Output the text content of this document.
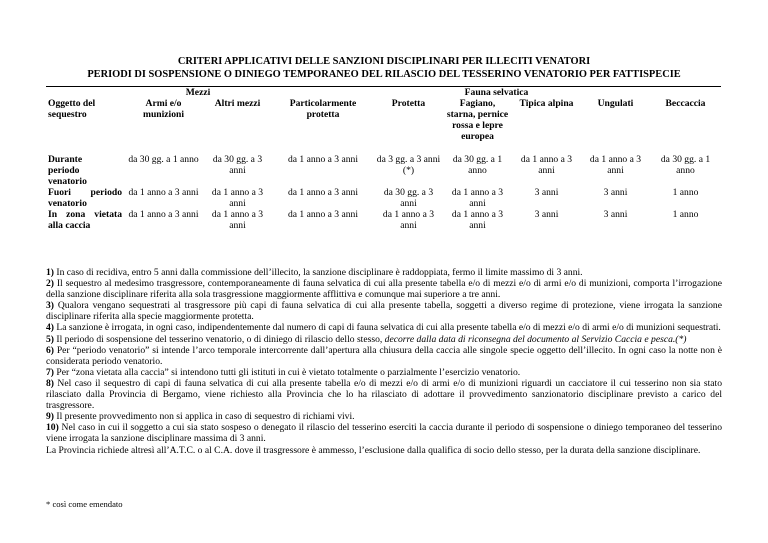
CRITERI APPLICATIVI DELLE SANZIONI DISCIPLINARI PER ILLECITI VENATORI
PERIODI DI SOSPENSIONE O DINIEGO TEMPORANEO DEL RILASCIO DEL TESSERINO VENATORIO PER FATTISPECIE
	Mezzi		Fauna selvatica					
Oggetto del sequestro	Armi e/o munizioni	Altri mezzi	Particolarmente protetta	Protetta	Fagiano, starna, pernice rossa e lepre europea	Tipica alpina	Ungulati	Beccaccia

Durante
periodo
venatorio	da 30 gg. a 1 anno	da 30 gg. a 3 anni	da 1 anno a 3 anni	da 3 gg. a 3 anni (*)	da 30 gg. a 1 anno	da 1 anno a 3 anni	da 1 anno a 3 anni	da 30 gg. a 1 anno

Fuori periodo
venatorio	da 1 anno a 3 anni	da 1 anno a 3 anni	da 1 anno a 3 anni	da 30 gg. a 3 anni	da 1 anno a 3 anni	3 anni	3 anni	1 anno

In zona vietata
alla caccia	da 1 anno a 3 anni	da 1 anno a 3 anni	da 1 anno a 3 anni	da 1 anno a 3 anni	da 1 anno a 3 anni	3 anni	3 anni	1 anno

1) In caso di recidiva, entro 5 anni dalla commissione dell’illecito, la sanzione disciplinare è raddoppiata, fermo il limite massimo di 3 anni.

2) Il sequestro al medesimo trasgressore, contemporaneamente di fauna selvatica di cui alla presente tabella e/o di mezzi e/o di armi e/o di munizioni, comporta l’irrogazione della sanzione disciplinare riferita alla sola trasgressione maggiormente afflittiva e comunque mai superiore a tre anni.

3) Qualora vengano sequestrati al trasgressore più capi di fauna selvatica di cui alla presente tabella, soggetti a diverso regime di protezione, viene irrogata la sanzione disciplinare riferita alla specie maggiormente protetta.

4) La sanzione è irrogata, in ogni caso, indipendentemente dal numero di capi di fauna selvatica di cui alla presente tabella e/o di mezzi e/o di armi e/o di munizioni sequestrati.

5) Il periodo di sospensione del tesserino venatorio, o di diniego di rilascio dello stesso, decorre dalla data di riconsegna del documento al Servizio Caccia e pesca.(*)

6) Per “periodo venatorio” si intende l’arco temporale intercorrente dall’apertura alla chiusura della caccia alle singole specie oggetto dell’illecito. In ogni caso la notte non è considerata periodo venatorio.

7) Per “zona vietata alla caccia” si intendono tutti gli istituti in cui è vietato totalmente o parzialmente l’esercizio venatorio.

8) Nel caso il sequestro di capi di fauna selvatica di cui alla presente tabella e/o di mezzi e/o di armi e/o di munizioni riguardi un cacciatore il cui tesserino non sia stato rilasciato dalla Provincia di Bergamo, viene richiesto alla Provincia che lo ha rilasciato di adottare il provvedimento sanzionatorio disciplinare previsto a carico del trasgressore.

9) Il presente provvedimento non si applica in caso di sequestro di richiami vivi.

10) Nel caso in cui il soggetto a cui sia stato sospeso o denegato il rilascio del tesserino eserciti la caccia durante il periodo di sospensione o diniego temporaneo del tesserino viene irrogata la sanzione disciplinare massima di 3 anni.

La Provincia richiede altresì all’A.T.C. o al C.A. dove il trasgressore è ammesso, l’esclusione dalla qualifica di socio dello stesso, per la durata della sanzione disciplinare.

* così come emendato
